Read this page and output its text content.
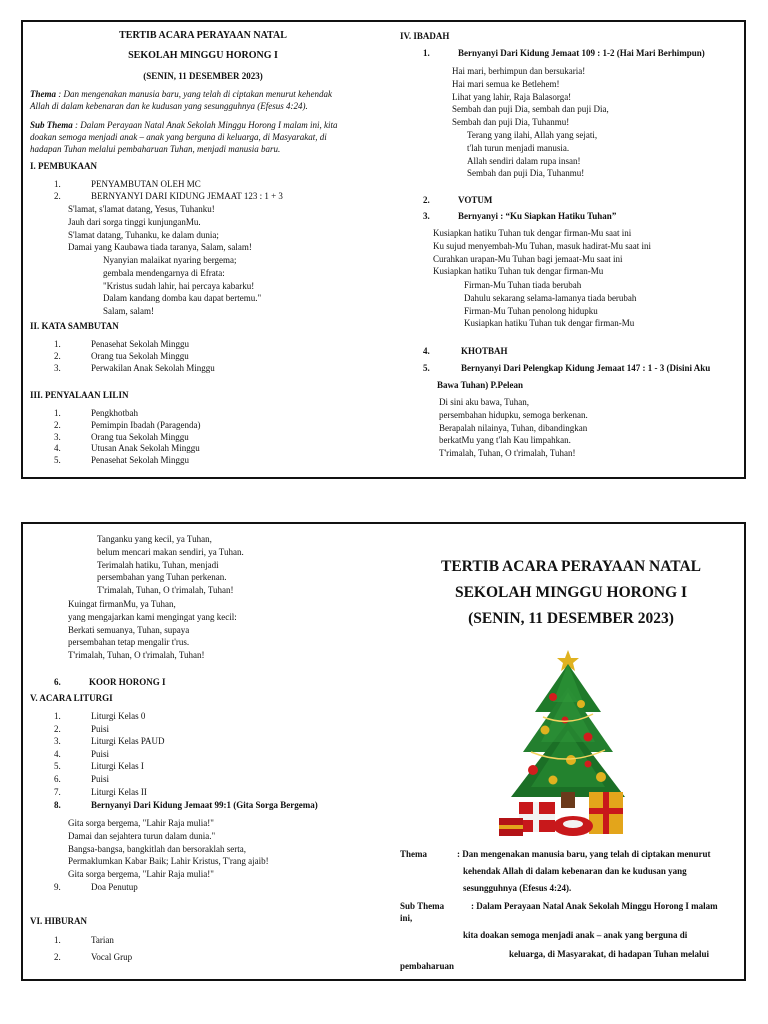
TERTIB ACARA PERAYAAN NATAL
SEKOLAH MINGGU HORONG I
(SENIN, 11 DESEMBER 2023)
Thema : Dan mengenakan manusia baru, yang telah di ciptakan menurut kehendak
Allah di dalam kebenaran dan ke kudusan yang sesungguhnya (Efesus 4:24).
Sub Thema : Dalam Perayaan Natal Anak Sekolah Minggu Horong I malam ini, kita
doakan semoga menjadi anak – anak yang berguna di keluarga, di Masyarakat, di
hadapan Tuhan melalui pembaharuan Tuhan, menjadi manusia baru.
I. PEMBUKAAN
1.	PENYAMBUTAN OLEH MC
2.	BERNYANYI DARI KIDUNG JEMAAT 123 : 1 + 3
S'lamat, s'lamat datang, Yesus, Tuhanku!
Jauh dari sorga tinggi kunjunganMu.
S'lamat datang, Tuhanku, ke dalam dunia;
Damai yang Kaubawa tiada taranya, Salam, salam!
Nyanyian malaikat nyaring bergema;
gembala mendengarnya di Efrata:
"Kristus sudah lahir, hai percaya kabarku!
Dalam kandang domba kau dapat bertemu."
Salam, salam!
II. KATA SAMBUTAN
1.	Penasehat Sekolah Minggu
2.	Orang tua Sekolah Minggu
3.	Perwakilan Anak Sekolah Minggu
III. PENYALAAN LILIN
1.	Pengkhotbah
2.	Pemimpin Ibadah (Paragenda)
3.	Orang tua Sekolah Minggu
4.	Utusan Anak Sekolah Minggu
5.	Penasehat Sekolah Minggu
IV. IBADAH
1.	Bernyanyi Dari Kidung Jemaat 109 : 1-2 (Hai Mari Berhimpun)
Hai mari, berhimpun dan bersukaria!
Hai mari semua ke Betlehem!
Lihat yang lahir, Raja Balasorga!
Sembah dan puji Dia, sembah dan puji Dia,
Sembah dan puji Dia, Tuhanmu!
Terang yang ilahi, Allah yang sejati,
t'lah turun menjadi manusia.
Allah sendiri dalam rupa insan!
Sembah dan puji Dia, Tuhanmu!
2.	VOTUM
3.	Bernyanyi : “Ku Siapkan Hatiku Tuhan”
Kusiapkan hatiku Tuhan tuk dengar firman-Mu saat ini
Ku sujud menyembah-Mu Tuhan, masuk hadirat-Mu saat ini
Curahkan urapan-Mu Tuhan bagi jemaat-Mu saat ini
Kusiapkan hatiku Tuhan tuk dengar firman-Mu
Firman-Mu Tuhan tiada berubah
Dahulu sekarang selama-lamanya tiada berubah
Firman-Mu Tuhan penolong hidupku
Kusiapkan hatiku Tuhan tuk dengar firman-Mu
4.	KHOTBAH
5.	Bernyanyi Dari Pelengkap Kidung Jemaat 147 : 1 - 3 (Disini Aku
Bawa Tuhan) P.Pelean
Di sini aku bawa, Tuhan,
persembahan hidupku, semoga berkenan.
Berapalah nilainya, Tuhan, dibandingkan
berkatMu yang t'lah Kau limpahkan.
T'rimalah, Tuhan, O t'rimalah, Tuhan!
Tanganku yang kecil, ya Tuhan,
belum mencari makan sendiri, ya Tuhan.
Terimalah hatiku, Tuhan, menjadi
persembahan yang Tuhan perkenan.
T'rimalah, Tuhan, O t'rimalah, Tuhan!
Kuingat firmanMu, ya Tuhan,
yang mengajarkan kami mengingat yang kecil:
Berkati semuanya, Tuhan, supaya
persembahan tetap mengalir t'rus.
T'rimalah, Tuhan, O t'rimalah, Tuhan!
6.	KOOR HORONG I
V. ACARA LITURGI
1.	Liturgi Kelas 0
2.	Puisi
3.	Liturgi Kelas PAUD
4.	Puisi
5.	Liturgi Kelas I
6.	Puisi
7.	Liturgi Kelas II
8.	Bernyanyi Dari Kidung Jemaat 99:1 (Gita Sorga Bergema)
Gita sorga bergema, "Lahir Raja mulia!"
Damai dan sejahtera turun dalam dunia."
Bangsa-bangsa, bangkitlah dan bersoraklah serta,
Permaklumkan Kabar Baik; Lahir Kristus, T'rang ajaib!
Gita sorga bergema, "Lahir Raja mulia!"
9.	Doa Penutup
VI. HIBURAN
1.	Tarian
2.	Vocal Grup
TERTIB ACARA PERAYAAN NATAL
SEKOLAH MINGGU HORONG I
(SENIN, 11 DESEMBER 2023)
Thema	: Dan mengenakan manusia baru, yang telah di ciptakan menurut
kehendak Allah di dalam kebenaran dan ke kudusan yang
sesungguhnya (Efesus 4:24).
Sub Thema	: Dalam Perayaan Natal Anak Sekolah Minggu Horong I malam
ini,
kita doakan semoga menjadi anak – anak yang berguna di
keluarga, di Masyarakat, di hadapan Tuhan melalui
pembaharuan
